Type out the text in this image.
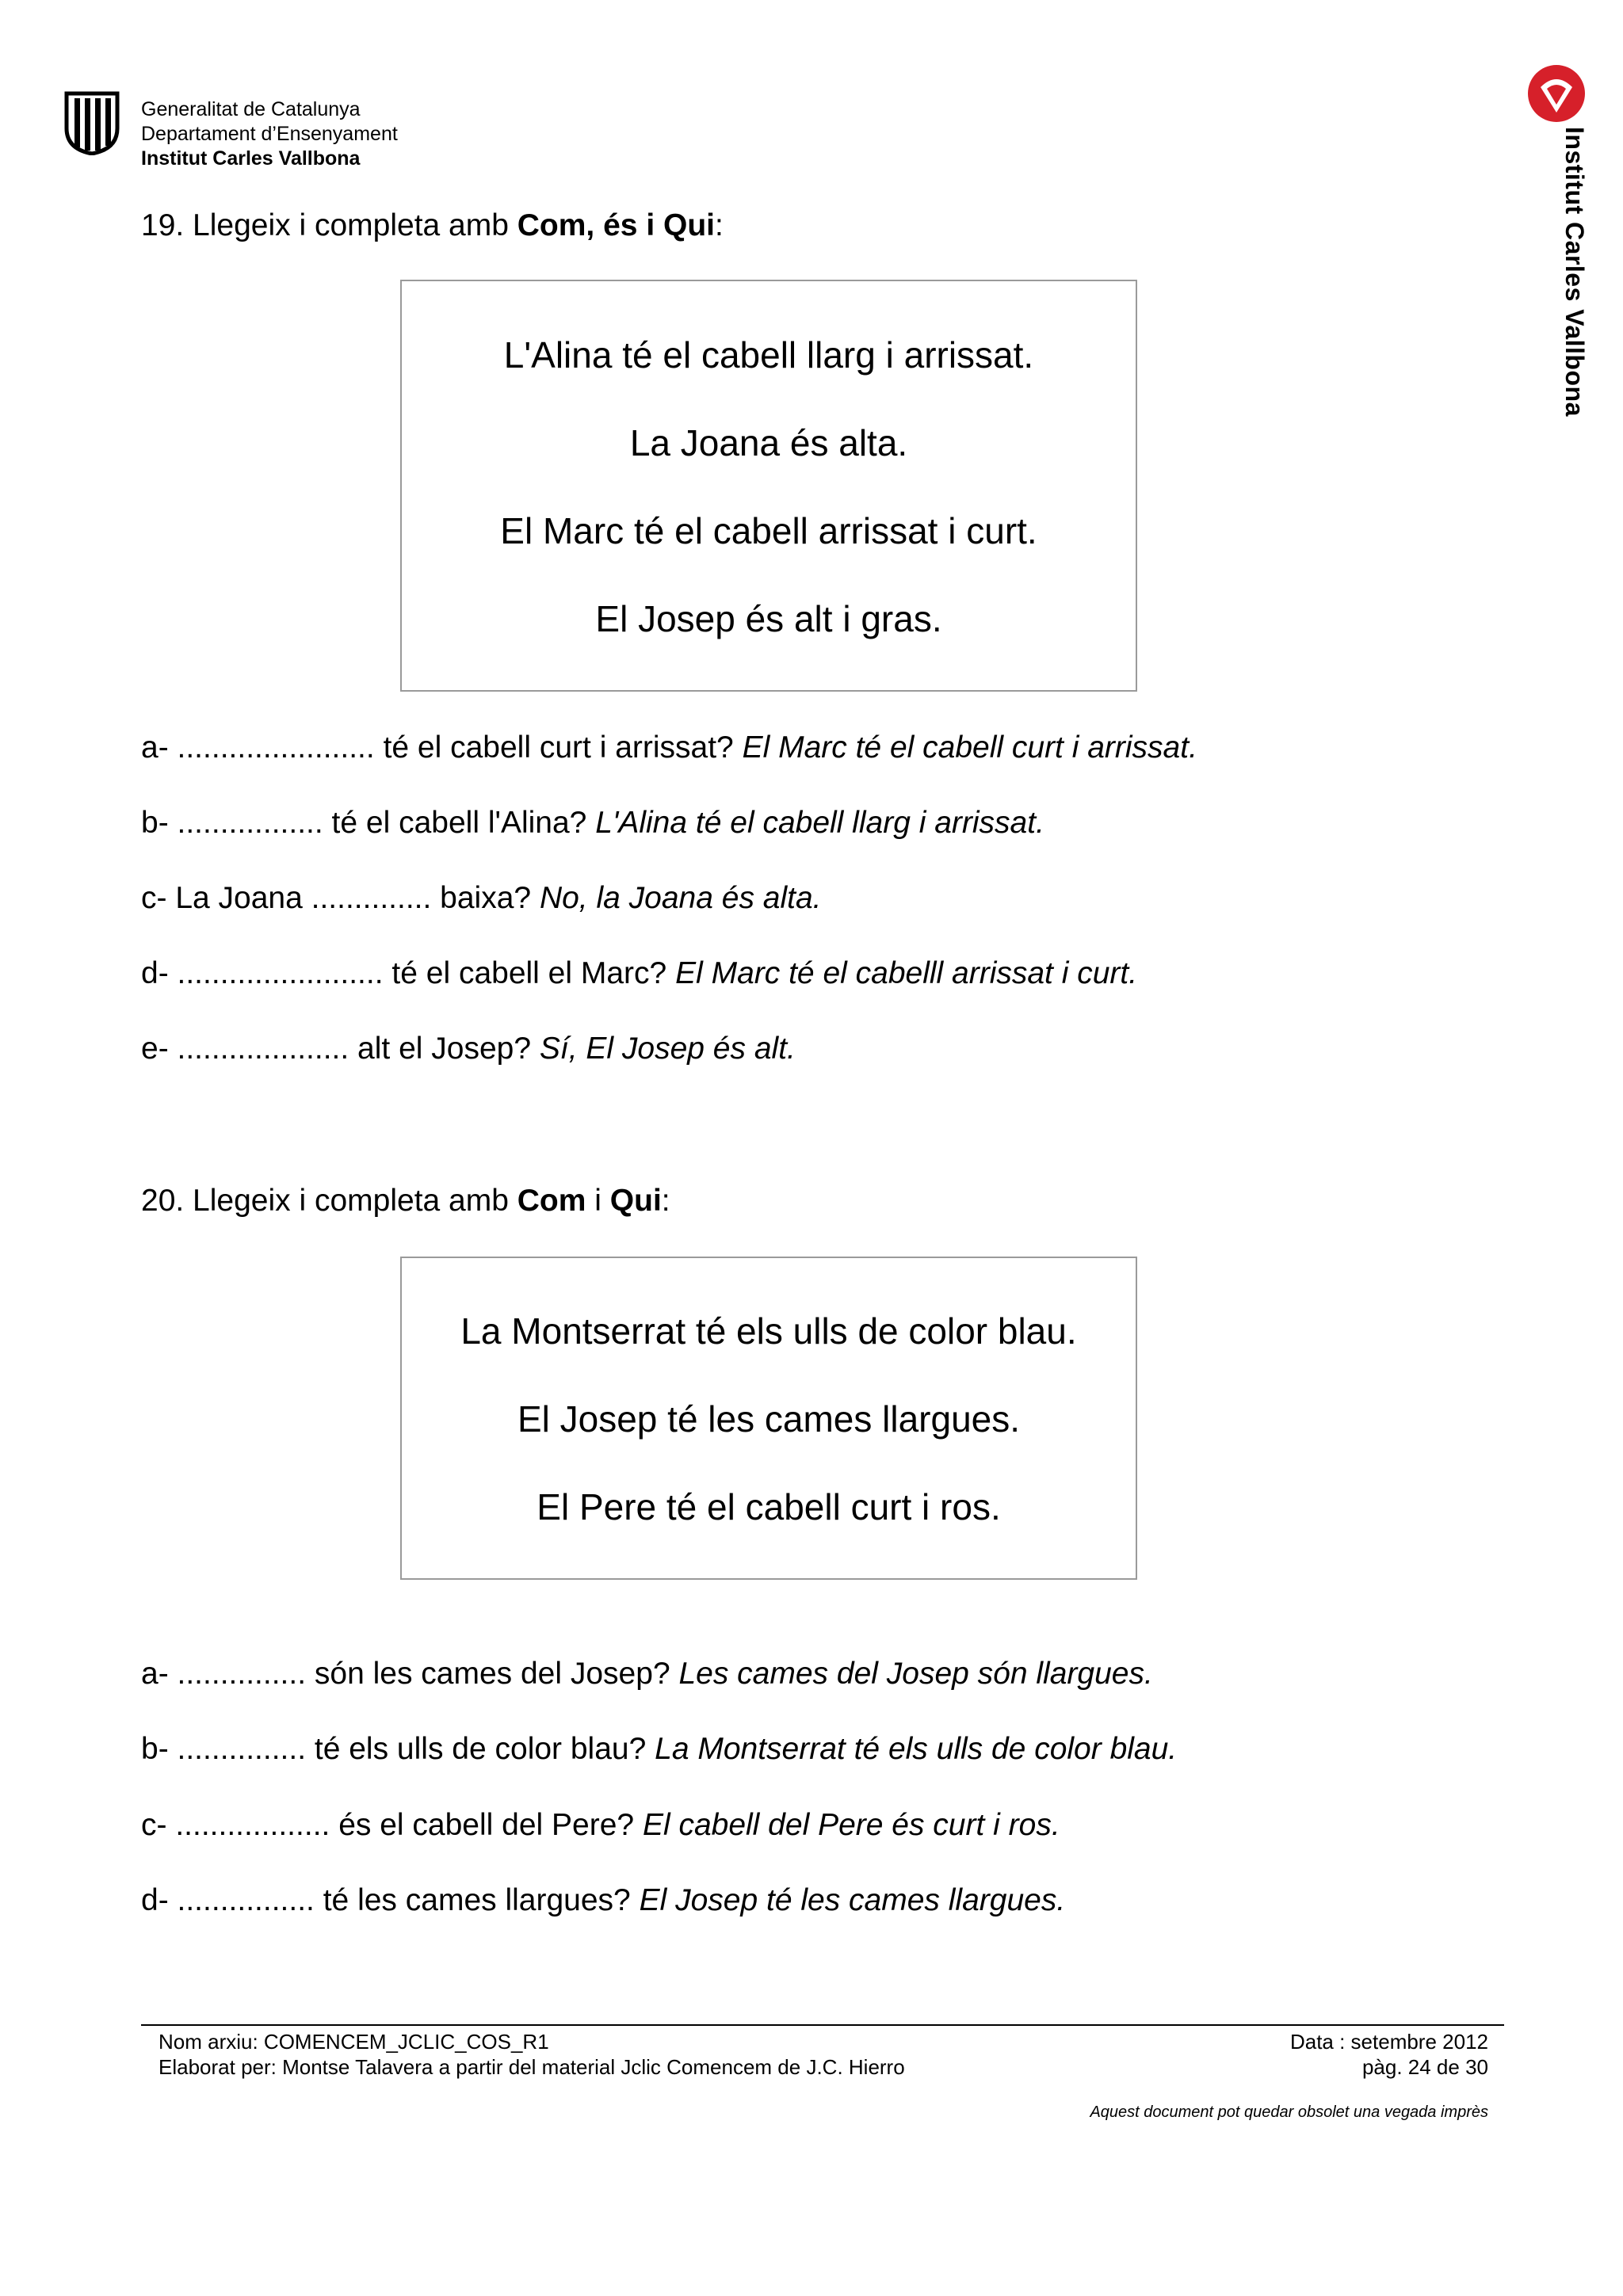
Generalitat de Catalunya
Departament d’Ensenyament
Institut Carles Vallbona	Institut Carles Vallbona
19. Llegeix i completa amb Com, és i Qui:
L'Alina té el cabell llarg i arrissat.
La Joana és alta.
El Marc té el cabell arrissat i curt.
El Josep és alt i gras.
a- ....................... té el cabell curt i arrissat? El Marc té el cabell curt i arrissat.
b- ................. té el cabell l'Alina? L'Alina té el cabell llarg i arrissat.
c- La Joana .............. baixa? No, la Joana és alta.
d- ........................ té el cabell el Marc? El Marc té el cabelll arrissat i curt.
e- .................... alt el Josep? Sí, El Josep és alt.
20. Llegeix i completa amb Com i Qui:
La Montserrat té els ulls de color blau.
El Josep té les cames llargues.
El Pere té el cabell curt i ros.
a- ............... són les cames del Josep? Les cames del Josep són llargues.
b- ............... té els ulls de color blau? La Montserrat té els ulls de color blau.
c- .................. és el cabell del Pere? El cabell del Pere és curt i ros.
d- ................ té les cames llargues? El Josep té les cames llargues.
Nom arxiu: COMENCEM_JCLIC_COS_R1
Elaborat per: Montse Talavera a partir del material Jclic Comencem de J.C. Hierro
Data : setembre 2012
pàg. 24 de 30
Aquest document pot quedar obsolet una vegada imprès
